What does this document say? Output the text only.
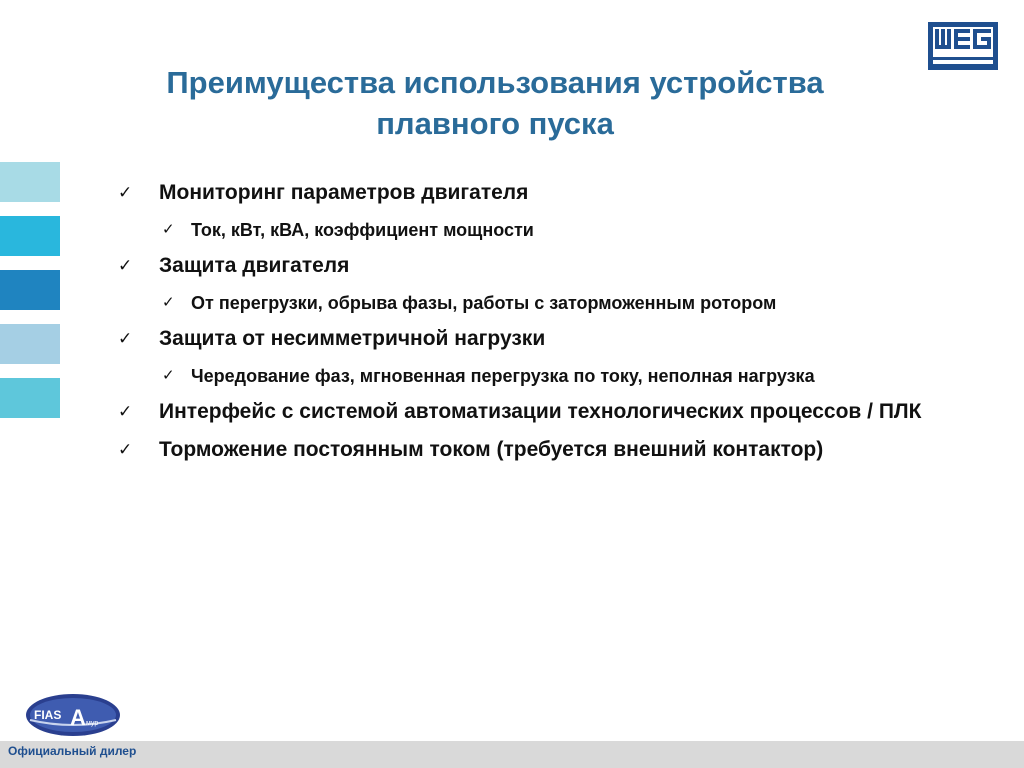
Преимущества использования устройства
плавного пуска
✓ Мониторинг параметров двигателя
✓ Ток, кВт, кВА, коэффициент мощности
✓ Защита двигателя
✓ От перегрузки, обрыва фазы, работы с заторможенным ротором
✓ Защита от несимметричной нагрузки
✓ Чередование фаз, мгновенная перегрузка по току, неполная нагрузка
✓ Интерфейс с системой автоматизации технологических процессов / ПЛК
✓ Торможение постоянным током (требуется внешний контактор)
FIAS A мур
Официальный дилер
